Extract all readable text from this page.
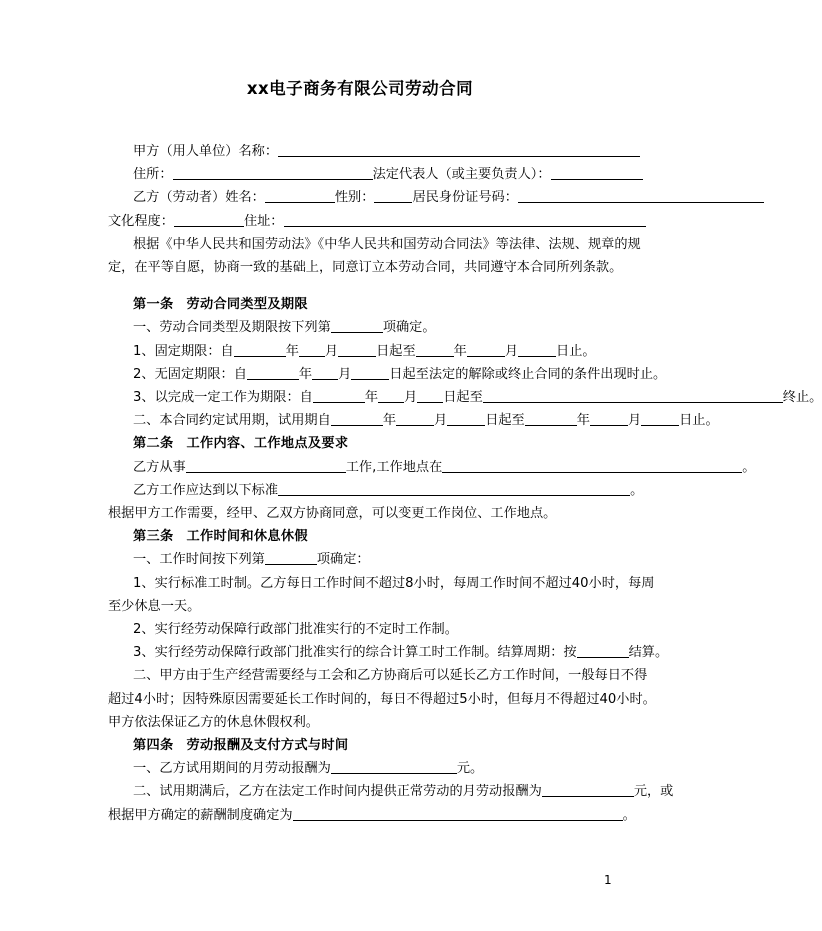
xx电子商务有限公司劳动合同
甲方（用人单位）名称：
住所：	法定代表人（或主要负责人）：
乙方（劳动者）姓名：	性别：	居民身份证号码：
文化程度：	住址：
根据《中华人民共和国劳动法》《中华人民共和国劳动合同法》等法律、法规、规章的规
定，在平等自愿，协商一致的基础上，同意订立本劳动合同，共同遵守本合同所列条款。
第一条 劳动合同类型及期限
一、劳动合同类型及期限按下列第	项确定。
1、固定期限：自	年 月	日起至	年	月	日止。
2、无固定期限：自	年 月	日起至法定的解除或终止合同的条件出现时止。
3、以完成一定工作为期限：自	年 月 日起至	终止。
二、本合同约定试用期，试用期自	年	月	日起至	年	月	日止。
第二条 工作内容、工作地点及要求
乙方从事	工作,工作地点在	。
乙方工作应达到以下标准	。
根据甲方工作需要，经甲、乙双方协商同意，可以变更工作岗位、工作地点。
第三条 工作时间和休息休假
一、工作时间按下列第	项确定：
1、实行标准工时制。乙方每日工作时间不超过8小时，每周工作时间不超过40小时，每周
至少休息一天。
2、实行经劳动保障行政部门批准实行的不定时工作制。
3、实行经劳动保障行政部门批准实行的综合计算工时工作制。结算周期：按	结算。
二、甲方由于生产经营需要经与工会和乙方协商后可以延长乙方工作时间，一般每日不得
超过4小时；因特殊原因需要延长工作时间的，每日不得超过5小时，但每月不得超过40小时。
甲方依法保证乙方的休息休假权利。
第四条 劳动报酬及支付方式与时间
一、乙方试用期间的月劳动报酬为	元。
二、试用期满后，乙方在法定工作时间内提供正常劳动的月劳动报酬为	元，或
根据甲方确定的薪酬制度确定为	。
1
